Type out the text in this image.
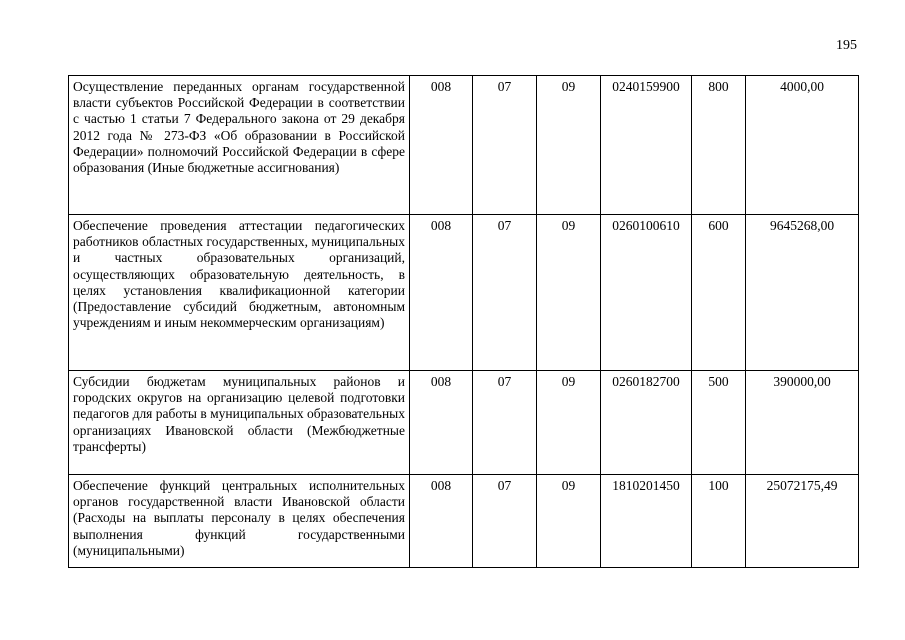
195
Осуществление переданных органам государственной власти субъектов Российской Федерации в соответствии с частью 1 статьи 7 Федерального закона от 29 декабря 2012 года № 273-ФЗ «Об образовании в Российской Федерации» полномочий Российской Федерации в сфере образования (Иные бюджетные ассигнования)	008	07	09	0240159900	800	4000,00
Обеспечение проведения аттестации педагогических работников областных государственных, муниципальных и частных образовательных организаций, осуществляющих образовательную деятельность, в целях установления квалификационной категории (Предоставление субсидий бюджетным, автономным учреждениям и иным некоммерческим организациям)	008	07	09	0260100610	600	9645268,00
Субсидии бюджетам муниципальных районов и городских округов на организацию целевой подготовки педагогов для работы в муниципальных образовательных организациях Ивановской области (Межбюджетные трансферты)	008	07	09	0260182700	500	390000,00
Обеспечение функций центральных исполнительных органов государственной власти Ивановской области (Расходы на выплаты персоналу в целях обеспечения выполнения функций государственными (муниципальными)	008	07	09	1810201450	100	25072175,49
